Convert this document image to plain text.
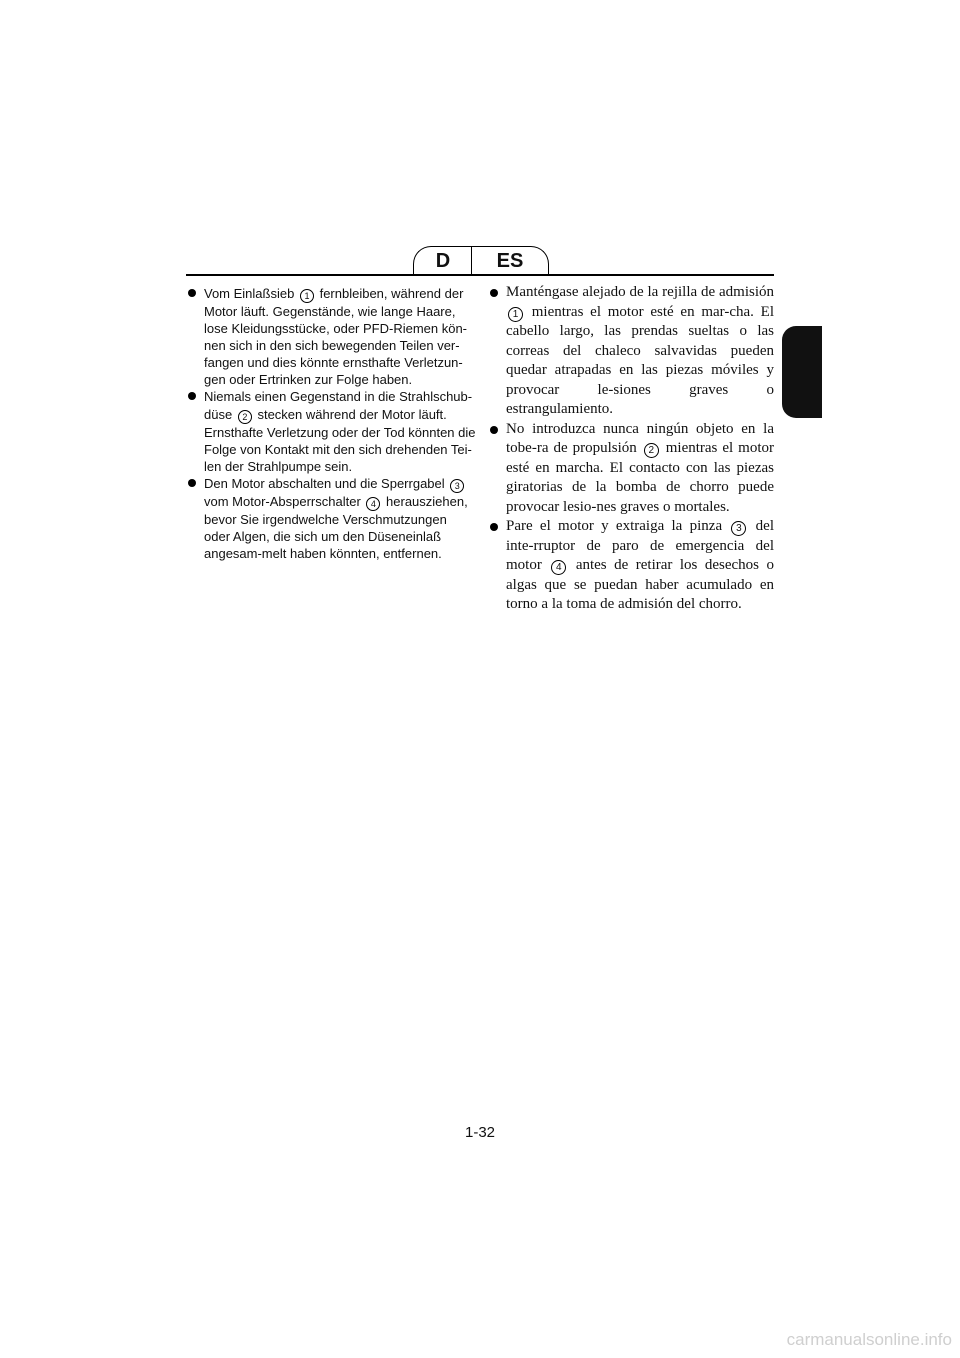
D ES

Vom Einlaßsieb 1 fernbleiben, während der Motor läuft. Gegenstände, wie lange Haare, lose Kleidungsstücke, oder PFD-Riemen kön-nen sich in den sich bewegenden Teilen ver-fangen und dies könnte ernsthafte Verletzun-gen oder Ertrinken zur Folge haben.

Niemals einen Gegenstand in die Strahlschub-düse 2 stecken während der Motor läuft. Ernsthafte Verletzung oder der Tod könnten die Folge von Kontakt mit den sich drehenden Tei-len der Strahlpumpe sein.

Den Motor abschalten und die Sperrgabel 3 vom Motor-Absperrschalter 4 herausziehen, bevor Sie irgendwelche Verschmutzungen oder Algen, die sich um den Düseneinlaß angesam-melt haben könnten, entfernen.

Manténgase alejado de la rejilla de admisión 1 mientras el motor esté en mar-cha. El cabello largo, las prendas sueltas o las correas del chaleco salvavidas pueden quedar atrapadas en las piezas móviles y provocar le-siones graves o estrangulamiento.

No introduzca nunca ningún objeto en la tobe-ra de propulsión 2 mientras el motor esté en marcha. El contacto con las piezas giratorias de la bomba de chorro puede provocar lesio-nes graves o mortales.

Pare el motor y extraiga la pinza 3 del inte-rruptor de paro de emergencia del motor 4 antes de retirar los desechos o algas que se puedan haber acumulado en torno a la toma de admisión del chorro.

1-32
carmanualsonline.info
